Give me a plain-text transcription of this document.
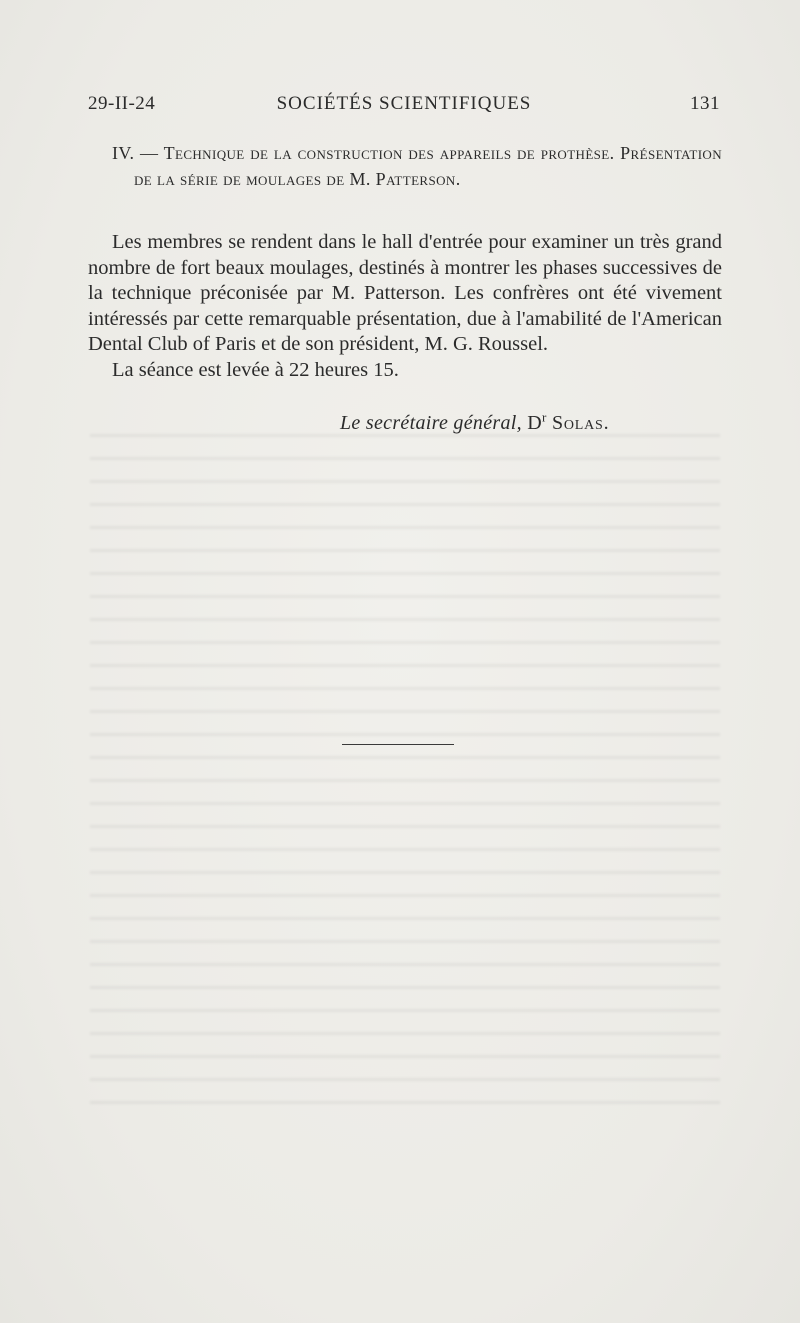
29-II-24	SOCIÉTÉS SCIENTIFIQUES	131
IV. — Technique de la construction des appareils de prothèse. Présentation de la série de moulages de M. Patterson.

Les membres se rendent dans le hall d'entrée pour examiner un très grand nombre de fort beaux moulages, destinés à montrer les phases successives de la technique préconisée par M. Patterson. Les confrères ont été vivement intéressés par cette remarquable présentation, due à l'amabilité de l'American Dental Club of Paris et de son président, M. G. Roussel.

La séance est levée à 22 heures 15.

Le secrétaire général, $D^r$ Solas.
